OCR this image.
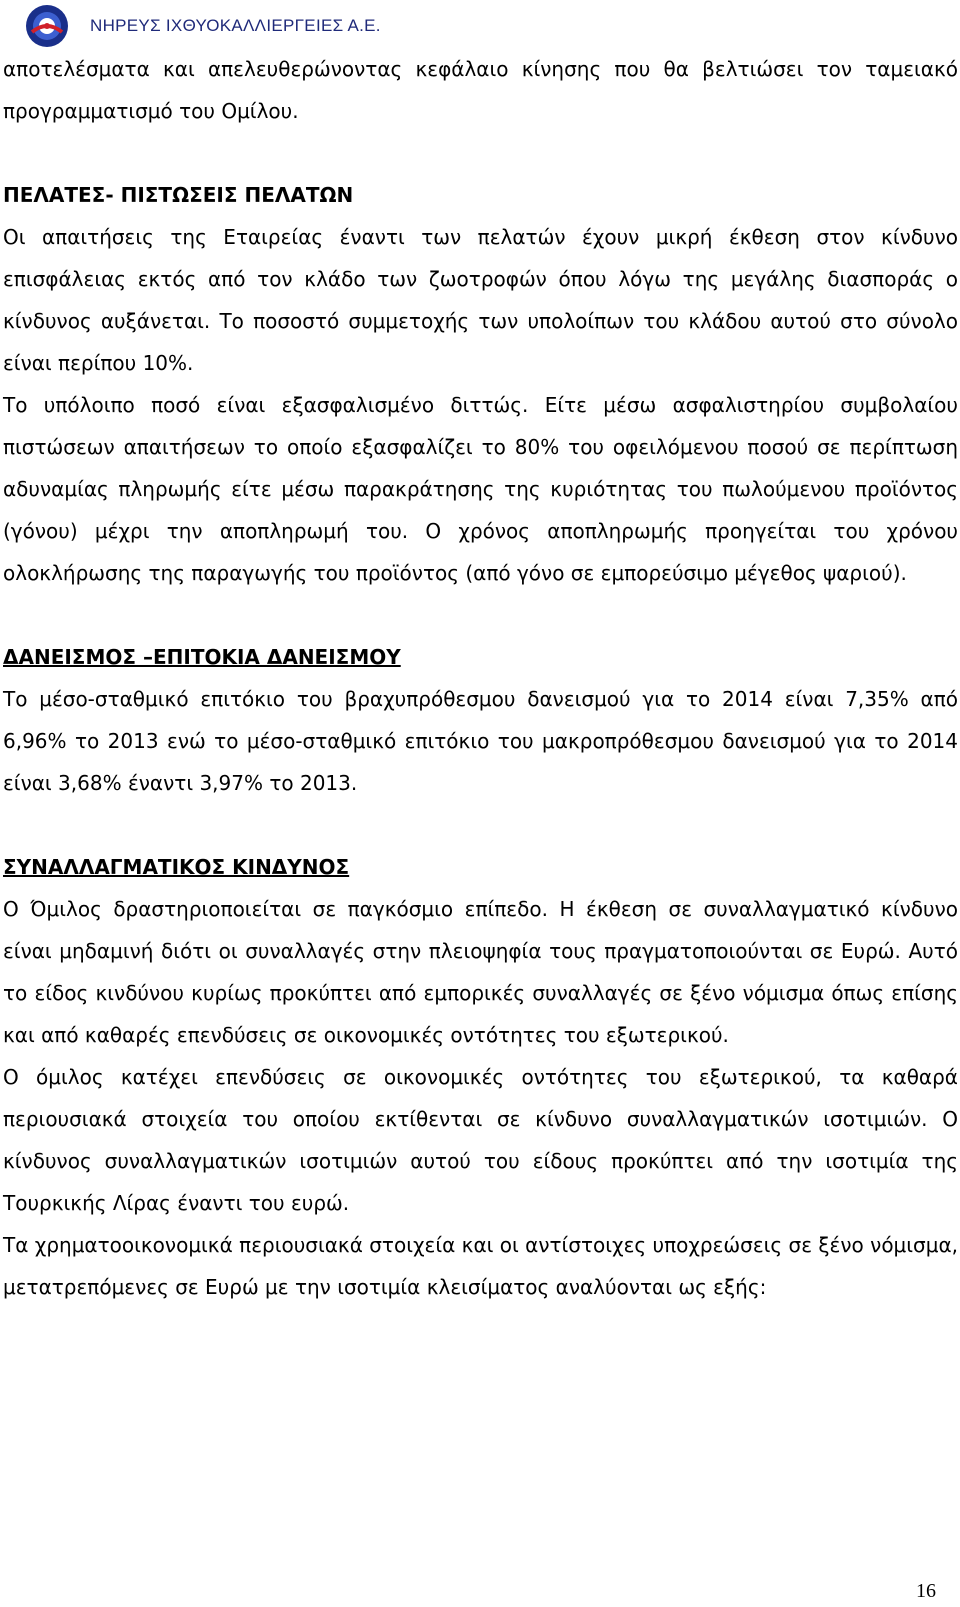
ΝΗΡΕΥΣ ΙΧΘΥΟΚΑΛΛΙΕΡΓΕΙΕΣ Α.Ε.

αποτελέσματα και απελευθερώνοντας κεφάλαιο κίνησης που θα βελτιώσει τον ταμειακό προγραμματισμό του Ομίλου.

ΠΕΛΑΤΕΣ- ΠΙΣΤΩΣΕΙΣ ΠΕΛΑΤΩΝ

Οι απαιτήσεις της Εταιρείας έναντι των πελατών έχουν μικρή έκθεση στον κίνδυνο επισφάλειας εκτός από τον κλάδο των ζωοτροφών όπου λόγω της μεγάλης διασποράς ο κίνδυνος αυξάνεται. Το ποσοστό συμμετοχής των υπολοίπων του κλάδου αυτού στο σύνολο είναι περίπου 10%.

Το υπόλοιπο ποσό είναι εξασφαλισμένο διττώς. Είτε μέσω ασφαλιστηρίου συμβολαίου πιστώσεων απαιτήσεων το οποίο εξασφαλίζει το 80% του οφειλόμενου ποσού σε περίπτωση αδυναμίας πληρωμής είτε μέσω παρακράτησης της κυριότητας του πωλούμενου προϊόντος (γόνου) μέχρι την αποπληρωμή του. Ο χρόνος αποπληρωμής προηγείται του χρόνου ολοκλήρωσης της παραγωγής του προϊόντος (από γόνο σε εμπορεύσιμο μέγεθος ψαριού).

ΔΑΝΕΙΣΜΟΣ –ΕΠΙΤΟΚΙΑ ΔΑΝΕΙΣΜΟΥ

Το μέσο-σταθμικό επιτόκιο του βραχυπρόθεσμου δανεισμού για το 2014 είναι 7,35% από 6,96% το 2013 ενώ το μέσο-σταθμικό επιτόκιο του μακροπρόθεσμου δανεισμού για το 2014 είναι 3,68% έναντι 3,97% το 2013.

ΣΥΝΑΛΛΑΓΜΑΤΙΚΟΣ ΚΙΝΔΥΝΟΣ

Ο Όμιλος δραστηριοποιείται σε παγκόσμιο επίπεδο. Η έκθεση σε συναλλαγματικό κίνδυνο είναι μηδαμινή διότι οι συναλλαγές στην πλειοψηφία τους πραγματοποιούνται σε Ευρώ. Αυτό το είδος κινδύνου κυρίως προκύπτει από εμπορικές συναλλαγές σε ξένο νόμισμα όπως επίσης και από καθαρές επενδύσεις σε οικονομικές οντότητες του εξωτερικού.

Ο όμιλος κατέχει επενδύσεις σε οικονομικές οντότητες του εξωτερικού, τα καθαρά περιουσιακά στοιχεία του οποίου εκτίθενται σε κίνδυνο συναλλαγματικών ισοτιμιών. Ο κίνδυνος συναλλαγματικών ισοτιμιών αυτού του είδους προκύπτει από την ισοτιμία της Τουρκικής Λίρας έναντι του ευρώ.

Τα χρηματοοικονομικά περιουσιακά στοιχεία και οι αντίστοιχες υποχρεώσεις σε ξένο νόμισμα, μετατρεπόμενες σε Ευρώ με την ισοτιμία κλεισίματος αναλύονται ως εξής:

16
